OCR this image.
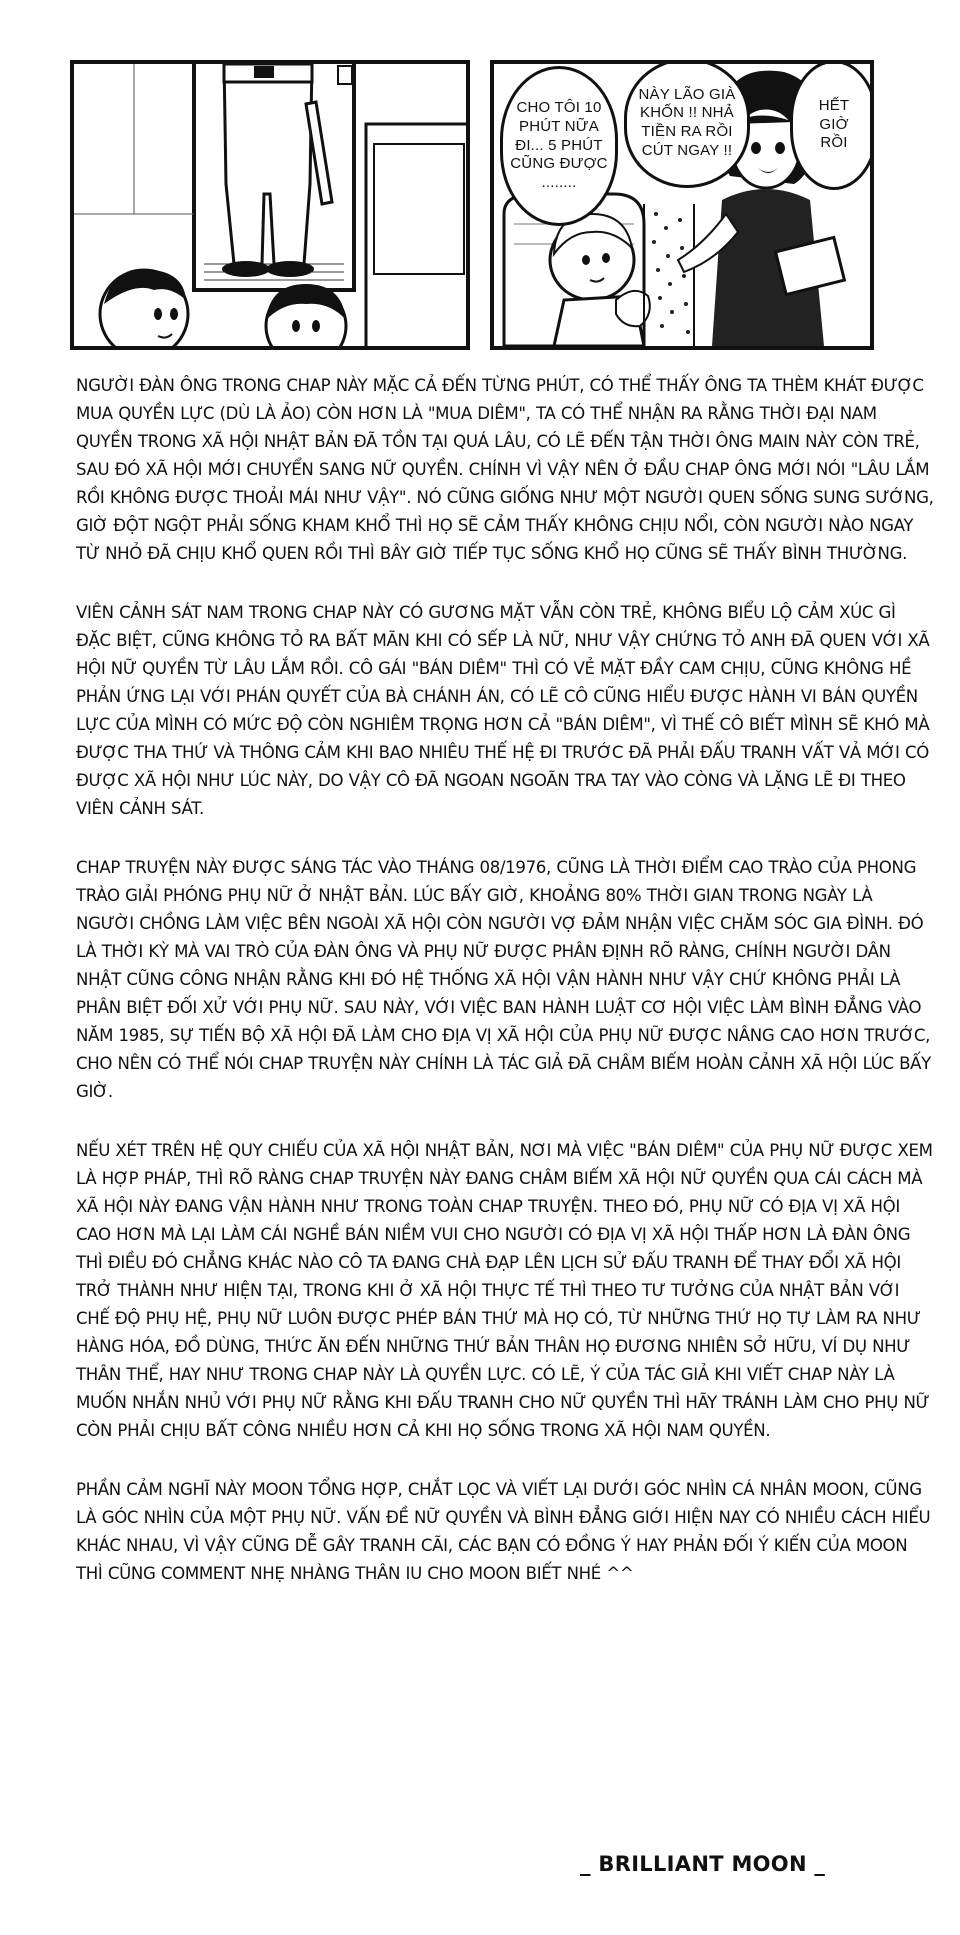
CHO TÔI 10
PHÚT NỮA
ĐI... 5 PHÚT
CŨNG ĐƯỢC
........
NÀY LÃO GIÀ
KHỐN !! NHẢ
TIỀN RA RỒI
CÚT NGAY !!
HẾT
GIỜ
RỒI

NGƯỜI ĐÀN ÔNG TRONG CHAP NÀY MẶC CẢ ĐẾN TỪNG PHÚT, CÓ THỂ THẤY ÔNG TA THÈM KHÁT ĐƯỢC MUA QUYỀN LỰC (DÙ LÀ ẢO) CÒN HƠN LÀ "MUA DIÊM", TA CÓ THỂ NHẬN RA RẰNG THỜI ĐẠI NAM QUYỀN TRONG XÃ HỘI NHẬT BẢN ĐÃ TỒN TẠI QUÁ LÂU, CÓ LẼ ĐẾN TẬN THỜI ÔNG MAIN NÀY CÒN TRẺ, SAU ĐÓ XÃ HỘI MỚI CHUYỂN SANG NỮ QUYỀN. CHÍNH VÌ VẬY NÊN Ở ĐẦU CHAP ÔNG MỚI NÓI "LÂU LẮM RỒI KHÔNG ĐƯỢC THOẢI MÁI NHƯ VẬY". NÓ CŨNG GIỐNG NHƯ MỘT NGƯỜI QUEN SỐNG SUNG SƯỚNG, GIỜ ĐỘT NGỘT PHẢI SỐNG KHAM KHỔ THÌ HỌ SẼ CẢM THẤY KHÔNG CHỊU NỔI, CÒN NGƯỜI NÀO NGAY TỪ NHỎ ĐÃ CHỊU KHỔ QUEN RỒI THÌ BÂY GIỜ TIẾP TỤC SỐNG KHỔ HỌ CŨNG SẼ THẤY BÌNH THƯỜNG.

VIÊN CẢNH SÁT NAM TRONG CHAP NÀY CÓ GƯƠNG MẶT VẪN CÒN TRẺ, KHÔNG BIỂU LỘ CẢM XÚC GÌ ĐẶC BIỆT, CŨNG KHÔNG TỎ RA BẤT MÃN KHI CÓ SẾP LÀ NỮ, NHƯ VẬY CHỨNG TỎ ANH ĐÃ QUEN VỚI XÃ HỘI NỮ QUYỀN TỪ LÂU LẮM RỒI. CÔ GÁI "BÁN DIÊM" THÌ CÓ VẺ MẶT ĐẦY CAM CHỊU, CŨNG KHÔNG HỀ PHẢN ỨNG LẠI VỚI PHÁN QUYẾT CỦA BÀ CHÁNH ÁN, CÓ LẼ CÔ CŨNG HIỂU ĐƯỢC HÀNH VI BÁN QUYỀN LỰC CỦA MÌNH CÓ MỨC ĐỘ CÒN NGHIÊM TRỌNG HƠN CẢ "BÁN DIÊM", VÌ THẾ CÔ BIẾT MÌNH SẼ KHÓ MÀ ĐƯỢC THA THỨ VÀ THÔNG CẢM KHI BAO NHIÊU THẾ HỆ ĐI TRƯỚC ĐÃ PHẢI ĐẤU TRANH VẤT VẢ MỚI CÓ ĐƯỢC XÃ HỘI NHƯ LÚC NÀY, DO VẬY CÔ ĐÃ NGOAN NGOÃN TRA TAY VÀO CÒNG VÀ LẶNG LẼ ĐI THEO VIÊN CẢNH SÁT.

CHAP TRUYỆN NÀY ĐƯỢC SÁNG TÁC VÀO THÁNG 08/1976, CŨNG LÀ THỜI ĐIỂM CAO TRÀO CỦA PHONG TRÀO GIẢI PHÓNG PHỤ NỮ Ở NHẬT BẢN. LÚC BẤY GIỜ, KHOẢNG 80% THỜI GIAN TRONG NGÀY LÀ NGƯỜI CHỒNG LÀM VIỆC BÊN NGOÀI XÃ HỘI CÒN NGƯỜI VỢ ĐẢM NHẬN VIỆC CHĂM SÓC GIA ĐÌNH. ĐÓ LÀ THỜI KỲ MÀ VAI TRÒ CỦA ĐÀN ÔNG VÀ PHỤ NỮ ĐƯỢC PHÂN ĐỊNH RÕ RÀNG, CHÍNH NGƯỜI DÂN NHẬT CŨNG CÔNG NHẬN RẰNG KHI ĐÓ HỆ THỐNG XÃ HỘI VẬN HÀNH NHƯ VẬY CHỨ KHÔNG PHẢI LÀ PHÂN BIỆT ĐỐI XỬ VỚI PHỤ NỮ. SAU NÀY, VỚI VIỆC BAN HÀNH LUẬT CƠ HỘI VIỆC LÀM BÌNH ĐẲNG VÀO NĂM 1985, SỰ TIẾN BỘ XÃ HỘI ĐÃ LÀM CHO ĐỊA VỊ XÃ HỘI CỦA PHỤ NỮ ĐƯỢC NÂNG CAO HƠN TRƯỚC, CHO NÊN CÓ THỂ NÓI CHAP TRUYỆN NÀY CHÍNH LÀ TÁC GIẢ ĐÃ CHÂM BIẾM HOÀN CẢNH XÃ HỘI LÚC BẤY GIỜ.

NẾU XÉT TRÊN HỆ QUY CHIẾU CỦA XÃ HỘI NHẬT BẢN, NƠI MÀ VIỆC "BÁN DIÊM" CỦA PHỤ NỮ ĐƯỢC XEM LÀ HỢP PHÁP, THÌ RÕ RÀNG CHAP TRUYỆN NÀY ĐANG CHÂM BIẾM XÃ HỘI NỮ QUYỀN QUA CÁI CÁCH MÀ XÃ HỘI NÀY ĐANG VẬN HÀNH NHƯ TRONG TOÀN CHAP TRUYỆN. THEO ĐÓ, PHỤ NỮ CÓ ĐỊA VỊ XÃ HỘI CAO HƠN MÀ LẠI LÀM CÁI NGHỀ BÁN NIỀM VUI CHO NGƯỜI CÓ ĐỊA VỊ XÃ HỘI THẤP HƠN LÀ ĐÀN ÔNG THÌ ĐIỀU ĐÓ CHẲNG KHÁC NÀO CÔ TA ĐANG CHÀ ĐẠP LÊN LỊCH SỬ ĐẤU TRANH ĐỂ THAY ĐỔI XÃ HỘI TRỞ THÀNH NHƯ HIỆN TẠI, TRONG KHI Ở XÃ HỘI THỰC TẾ THÌ THEO TƯ TƯỞNG CỦA NHẬT BẢN VỚI CHẾ ĐỘ PHỤ HỆ, PHỤ NỮ LUÔN ĐƯỢC PHÉP BÁN THỨ MÀ HỌ CÓ, TỪ NHỮNG THỨ HỌ TỰ LÀM RA NHƯ HÀNG HÓA, ĐỒ DÙNG, THỨC ĂN ĐẾN NHỮNG THỨ BẢN THÂN HỌ ĐƯƠNG NHIÊN SỞ HỮU, VÍ DỤ NHƯ THÂN THỂ, HAY NHƯ TRONG CHAP NÀY LÀ QUYỀN LỰC. CÓ LẼ, Ý CỦA TÁC GIẢ KHI VIẾT CHAP NÀY LÀ MUỐN NHẮN NHỦ VỚI PHỤ NỮ RẰNG KHI ĐẤU TRANH CHO NỮ QUYỀN THÌ HÃY TRÁNH LÀM CHO PHỤ NỮ CÒN PHẢI CHỊU BẤT CÔNG NHIỀU HƠN CẢ KHI HỌ SỐNG TRONG XÃ HỘI NAM QUYỀN.

PHẦN CẢM NGHĨ NÀY MOON TỔNG HỢP, CHẮT LỌC VÀ VIẾT LẠI DƯỚI GÓC NHÌN CÁ NHÂN MOON, CŨNG LÀ GÓC NHÌN CỦA MỘT PHỤ NỮ. VẤN ĐỀ NỮ QUYỀN VÀ BÌNH ĐẲNG GIỚI HIỆN NAY CÓ NHIỀU CÁCH HIỂU KHÁC NHAU, VÌ VẬY CŨNG DỄ GÂY TRANH CÃI, CÁC BẠN CÓ ĐỒNG Ý HAY PHẢN ĐỐI Ý KIẾN CỦA MOON THÌ CŨNG COMMENT NHẸ NHÀNG THÂN IU CHO MOON BIẾT NHÉ ^^

_ BRILLIANT MOON _
